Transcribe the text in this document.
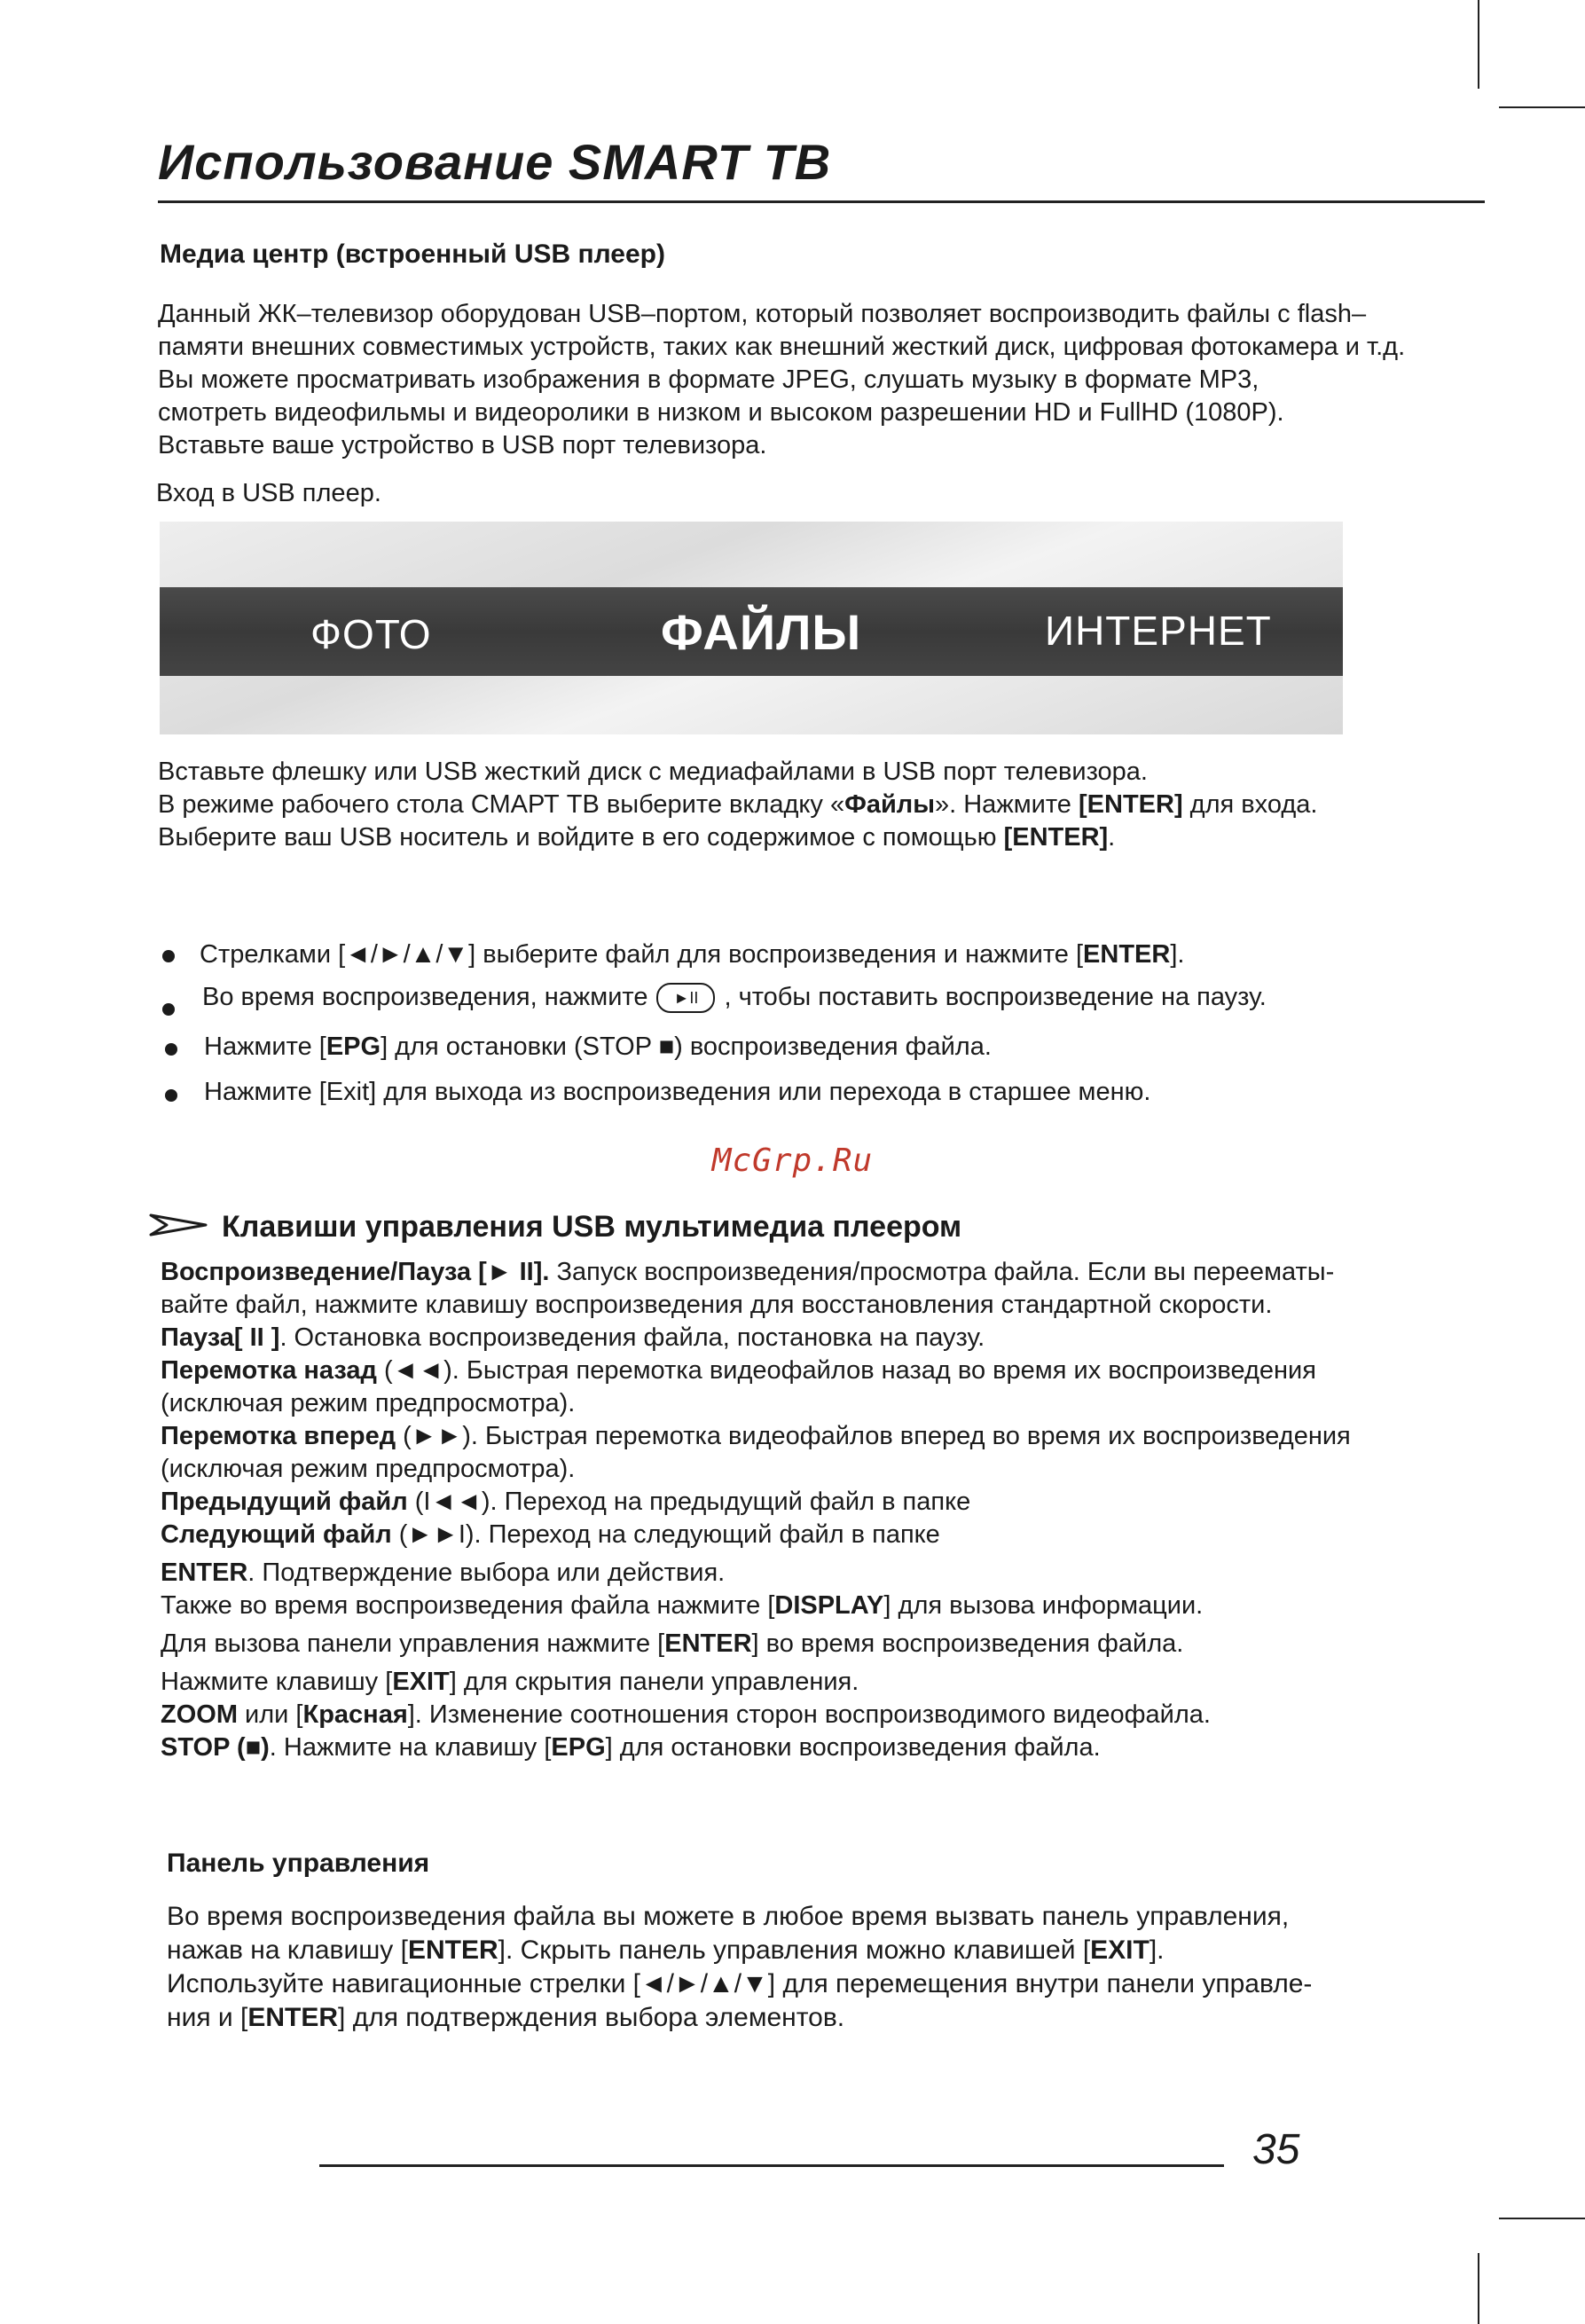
Использование SMART ТВ
Медиа центр (встроенный USB плеер)
Данный ЖК–телевизор оборудован USB–портом, который позволяет воспроизводить файлы с flash–
памяти внешних совместимых устройств, таких как внешний жесткий диск, цифровая фотокамера и т.д.
Вы можете просматривать изображения в формате JPEG, слушать музыку в формате MP3,
смотреть видеофильмы и видеоролики в низком и высоком разрешении HD и FullHD (1080P).
Вставьте ваше устройство в USB порт телевизора.
Вход в USB плеер.
ФОТО	ФАЙЛЫ	ИНТЕРНЕТ
Вставьте флешку или USB жесткий диск с медиафайлами в USB порт телевизора.
В режиме рабочего стола СМАРТ ТВ выберите вкладку «Файлы». Нажмите [ENTER] для входа.
Выберите ваш USB носитель и войдите в его содержимое с помощью [ENTER].
Стрелками [◄/►/▲/▼] выберите файл для воспроизведения и нажмите [ENTER].
Во время воспроизведения, нажмите ►II , чтобы поставить воспроизведение на паузу.
Нажмите [EPG] для остановки (STOP ■) воспроизведения файла.
Нажмите [Exit] для выхода из воспроизведения или перехода в старшее меню.
McGrp.Ru
Клавиши управления USB мультимедиа плеером
Воспроизведение/Пауза [► II]. Запуск воспроизведения/просмотра файла. Если вы переематы-
вайте файл, нажмите клавишу воспроизведения для восстановления стандартной скорости.
Пауза[ II ]. Остановка воспроизведения файла, постановка на паузу.
Перемотка назад (◄◄). Быстрая перемотка видеофайлов назад во время их воспроизведения
(исключая режим предпросмотра).
Перемотка вперед (►►). Быстрая перемотка видеофайлов вперед во время их воспроизведения
(исключая режим предпросмотра).
Предыдущий файл (I◄◄). Переход на предыдущий файл в папке
Следующий файл (►►I). Переход на следующий файл в папке
ENTER. Подтверждение выбора или действия.
Также во время воспроизведения файла нажмите [DISPLAY] для вызова информации.
Для вызова панели управления нажмите [ENTER] во время воспроизведения файла.
Нажмите клавишу [EXIT] для скрытия панели управления.
ZOOM или [Красная]. Изменение соотношения сторон воспроизводимого видеофайла.
STOP (■). Нажмите на клавишу [EPG] для остановки воспроизведения файла.
Панель управления
Во время воспроизведения файла вы можете в любое время вызвать панель управления,
нажав на клавишу [ENTER]. Скрыть панель управления можно клавишей [EXIT].
Используйте навигационные стрелки [◄/►/▲/▼] для перемещения внутри панели управле-
ния и [ENTER] для подтверждения выбора элементов.
35
